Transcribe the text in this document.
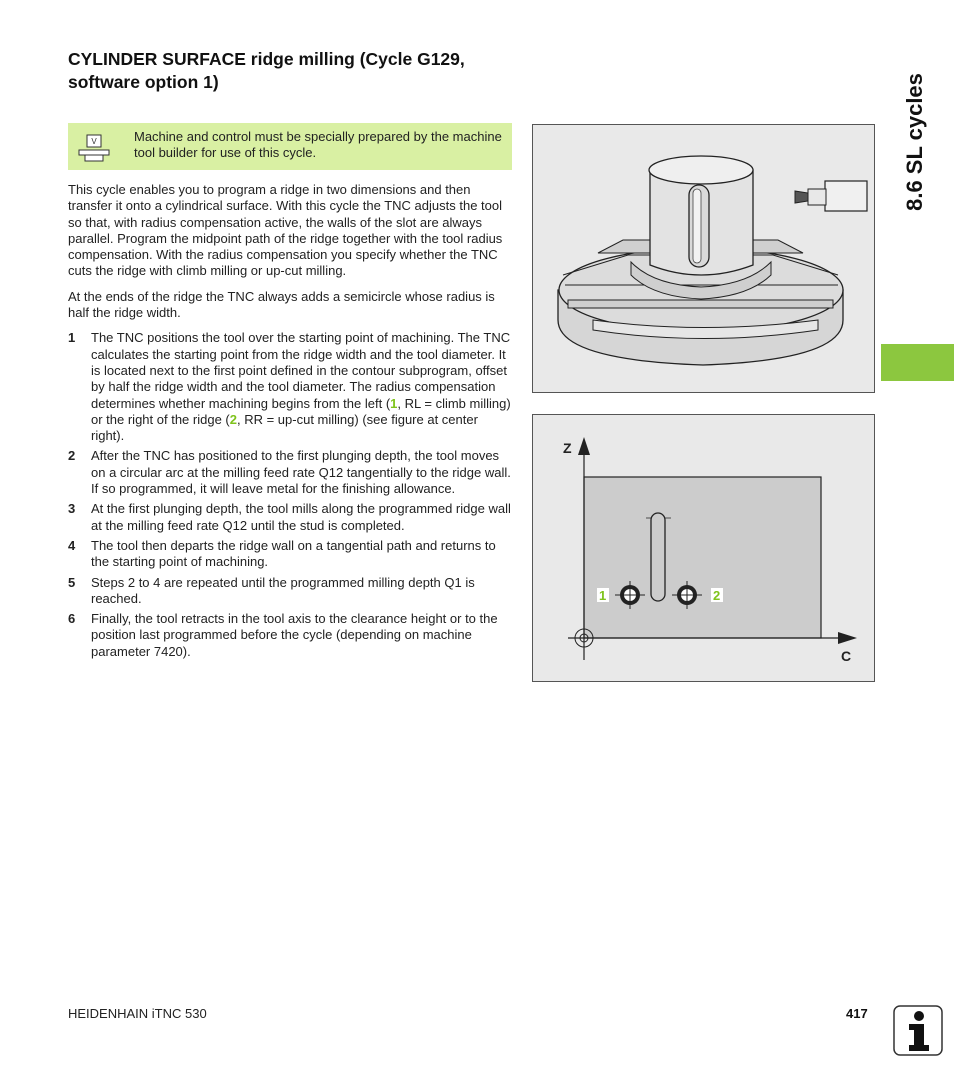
CYLINDER SURFACE ridge milling (Cycle G129, software option 1)
V	Machine and control must be specially prepared by the machine tool builder for use of this cycle.

This cycle enables you to program a ridge in two dimensions and then transfer it onto a cylindrical surface. With this cycle the TNC adjusts the tool so that, with radius compensation active, the walls of the slot are always parallel. Program the midpoint path of the ridge together with the tool radius compensation. With the radius compensation you specify whether the TNC cuts the ridge with climb milling or up-cut milling.

At the ends of the ridge the TNC always adds a semicircle whose radius is half the ridge width.

1 The TNC positions the tool over the starting point of machining. The TNC calculates the starting point from the ridge width and the tool diameter. It is located next to the first point defined in the contour subprogram, offset by half the ridge width and the tool diameter. The radius compensation determines whether machining begins from the left (1, RL = climb milling) or the right of the ridge (2, RR = up-cut milling) (see figure at center right).
2 After the TNC has positioned to the first plunging depth, the tool moves on a circular arc at the milling feed rate Q12 tangentially to the ridge wall. If so programmed, it will leave metal for the finishing allowance.
3 At the first plunging depth, the tool mills along the programmed ridge wall at the milling feed rate Q12 until the stud is completed.
4 The tool then departs the ridge wall on a tangential path and returns to the starting point of machining.
5 Steps 2 to 4 are repeated until the programmed milling depth Q1 is reached.
6 Finally, the tool retracts in the tool axis to the clearance height or to the position last programmed before the cycle (depending on machine parameter 7420).
Z
C
1	2
8.6 SL cycles
HEIDENHAIN iTNC 530	417
